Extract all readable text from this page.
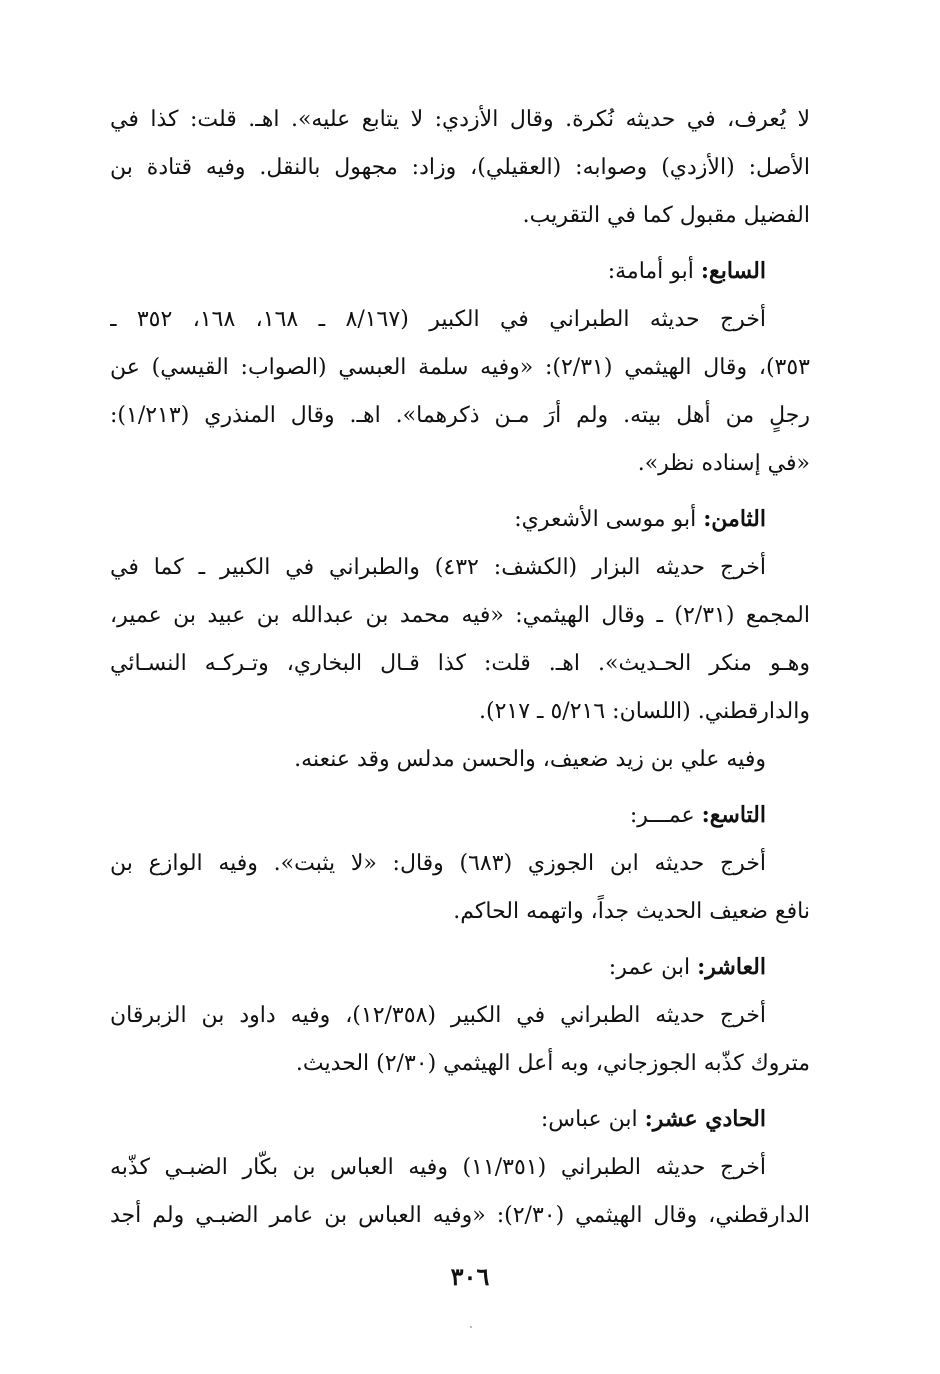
لا يُعرف، في حديثه نُكرة. وقال الأزدي: لا يتابع عليه». اهـ. قلت: كذا في
الأصل: (الأزدي) وصوابه: (العقيلي)، وزاد: مجهول بالنقل. وفيه قتادة بن
الفضيل مقبول كما في التقريب.
السابع: أبو أمامة:
أخرج حديثه الطبراني في الكبير (٨/١٦٧ ـ ١٦٨، ١٦٨، ٣٥٢ ـ
٣٥٣)، وقال الهيثمي (٢/٣١): «وفيه سلمة العبسي (الصواب: القيسي) عن
رجلٍ من أهل بيته. ولم أرَ مـن ذكرهما». اهـ. وقال المنذري (١/٢١٣):
«في إسناده نظر».
الثامن: أبو موسى الأشعري:
أخرج حديثه البزار (الكشف: ٤٣٢) والطبراني في الكبير ـ كما في
المجمع (٢/٣١) ـ وقال الهيثمي: «فيه محمد بن عبدالله بن عبيد بن عمير،
وهـو منكر الحـديث». اهـ. قلت: كذا قـال البخاري، وتـركـه النسـائي
والدارقطني. (اللسان: ٥/٢١٦ ـ ٢١٧).
وفيه علي بن زيد ضعيف، والحسن مدلس وقد عنعنه.
التاسع: عمـــر:
أخرج حديثه ابن الجوزي (٦٨٣) وقال: «لا يثبت». وفيه الوازع بن
نافع ضعيف الحديث جداً، واتهمه الحاكم.
العاشر: ابن عمر:
أخرج حديثه الطبراني في الكبير (١٢/٣٥٨)، وفيه داود بن الزبرقان
متروك كذّبه الجوزجاني، وبه أعل الهيثمي (٢/٣٠) الحديث.
الحادي عشر: ابن عباس:
أخرج حديثه الطبراني (١١/٣٥١) وفيه العباس بن بكّار الضبـي كذّبه
الدارقطني، وقال الهيثمي (٢/٣٠): «وفيه العباس بن عامر الضبـي ولم أجد
٣٠٦
